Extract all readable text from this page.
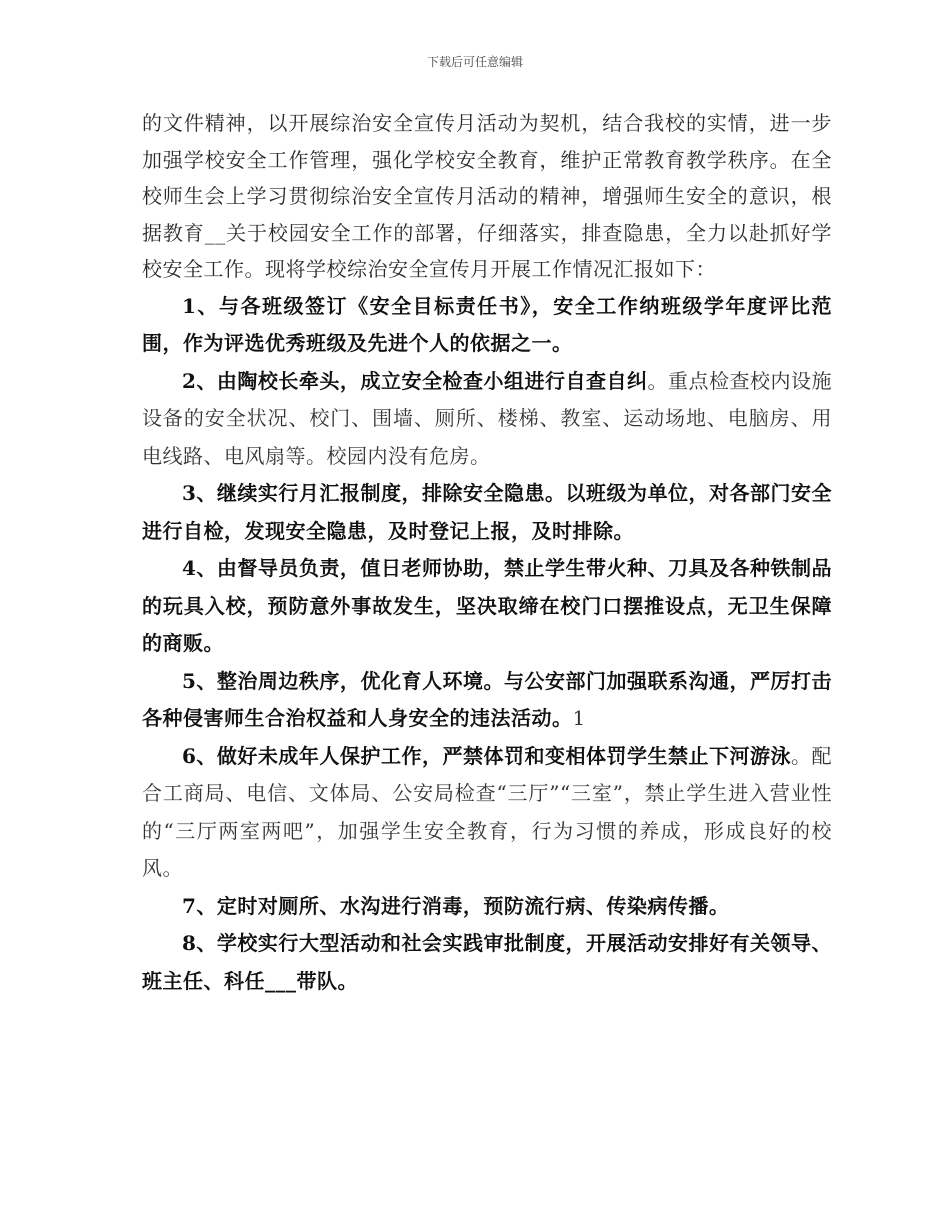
下载后可任意编辑

的文件精神，以开展综治安全宣传月活动为契机，结合我校的实情，进一步加强学校安全工作管理，强化学校安全教育，维护正常教育教学秩序。在全校师生会上学习贯彻综治安全宣传月活动的精神，增强师生安全的意识，根据教育__关于校园安全工作的部署，仔细落实，排查隐患，全力以赴抓好学校安全工作。现将学校综治安全宣传月开展工作情况汇报如下：

1、与各班级签订《安全目标责任书》，安全工作纳班级学年度评比范围，作为评选优秀班级及先进个人的依据之一。

2、由陶校长牵头，成立安全检查小组进行自查自纠。重点检查校内设施设备的安全状况、校门、围墙、厕所、楼梯、教室、运动场地、电脑房、用电线路、电风扇等。校园内没有危房。

3、继续实行月汇报制度，排除安全隐患。以班级为单位，对各部门安全进行自检，发现安全隐患，及时登记上报，及时排除。

4、由督导员负责，值日老师协助，禁止学生带火种、刀具及各种铁制品的玩具入校，预防意外事故发生，坚决取缔在校门口摆推设点，无卫生保障的商贩。

5、整治周边秩序，优化育人环境。与公安部门加强联系沟通，严厉打击各种侵害师生合治权益和人身安全的违法活动。1

6、做好未成年人保护工作，严禁体罚和变相体罚学生禁止下河游泳。配合工商局、电信、文体局、公安局检查“三厅”“三室”，禁止学生进入营业性的“三厅两室两吧”，加强学生安全教育，行为习惯的养成，形成良好的校风。

7、定时对厕所、水沟进行消毒，预防流行病、传染病传播。

8、学校实行大型活动和社会实践审批制度，开展活动安排好有关领导、班主任、科任___带队。
